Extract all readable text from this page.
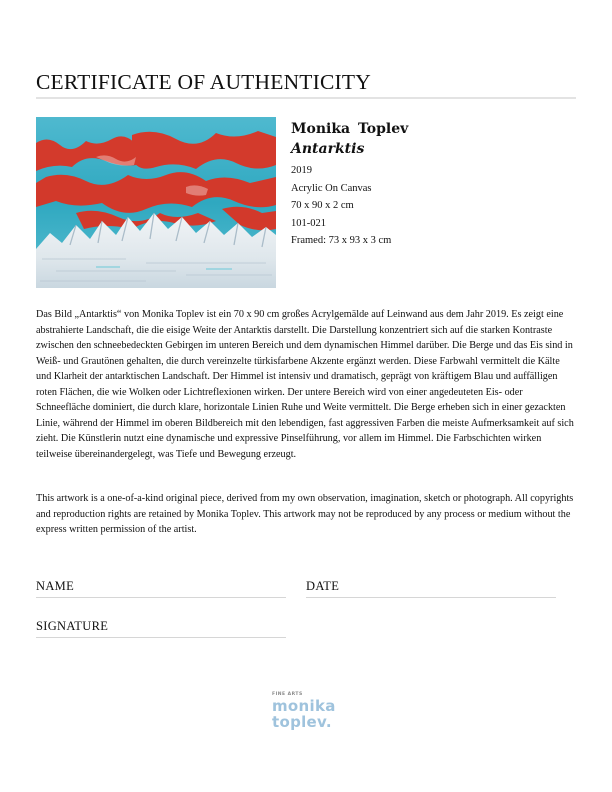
CERTIFICATE OF AUTHENTICITY

Monika Toplev

Antarktis

2019

Acrylic On Canvas

70 x 90 x 2 cm

101-021

Framed: 73 x 93 x 3 cm

Das Bild „Antarktis“ von Monika Toplev ist ein 70 x 90 cm großes Acrylgemälde auf Leinwand aus dem Jahr 2019. Es zeigt eine abstrahierte Landschaft, die die eisige Weite der Antarktis darstellt. Die Darstellung konzentriert sich auf die starken Kontraste zwischen den schneebedeckten Gebirgen im unteren Bereich und dem dynamischen Himmel darüber. Die Berge und das Eis sind in Weiß- und Grautönen gehalten, die durch vereinzelte türkisfarbene Akzente ergänzt werden. Diese Farbwahl vermittelt die Kälte und Klarheit der antarktischen Landschaft. Der Himmel ist intensiv und dramatisch, geprägt von kräftigem Blau und auffälligen roten Flächen, die wie Wolken oder Lichtreflexionen wirken. Der untere Bereich wird von einer angedeuteten Eis- oder Schneefläche dominiert, die durch klare, horizontale Linien Ruhe und Weite vermittelt. Die Berge erheben sich in einer gezackten Linie, während der Himmel im oberen Bildbereich mit den lebendigen, fast aggressiven Farben die meiste Aufmerksamkeit auf sich zieht. Die Künstlerin nutzt eine dynamische und expressive Pinselführung, vor allem im Himmel. Die Farbschichten wirken teilweise übereinandergelegt, was Tiefe und Bewegung erzeugt.

This artwork is a one-of-a-kind original piece, derived from my own observation, imagination, sketch or photograph. All copyrights and reproduction rights are retained by Monika Toplev. This artwork may not be reproduced by any process or medium without the express written permission of the artist.

NAME	DATE
SIGNATURE
FINE ARTS
monika
toplev.
